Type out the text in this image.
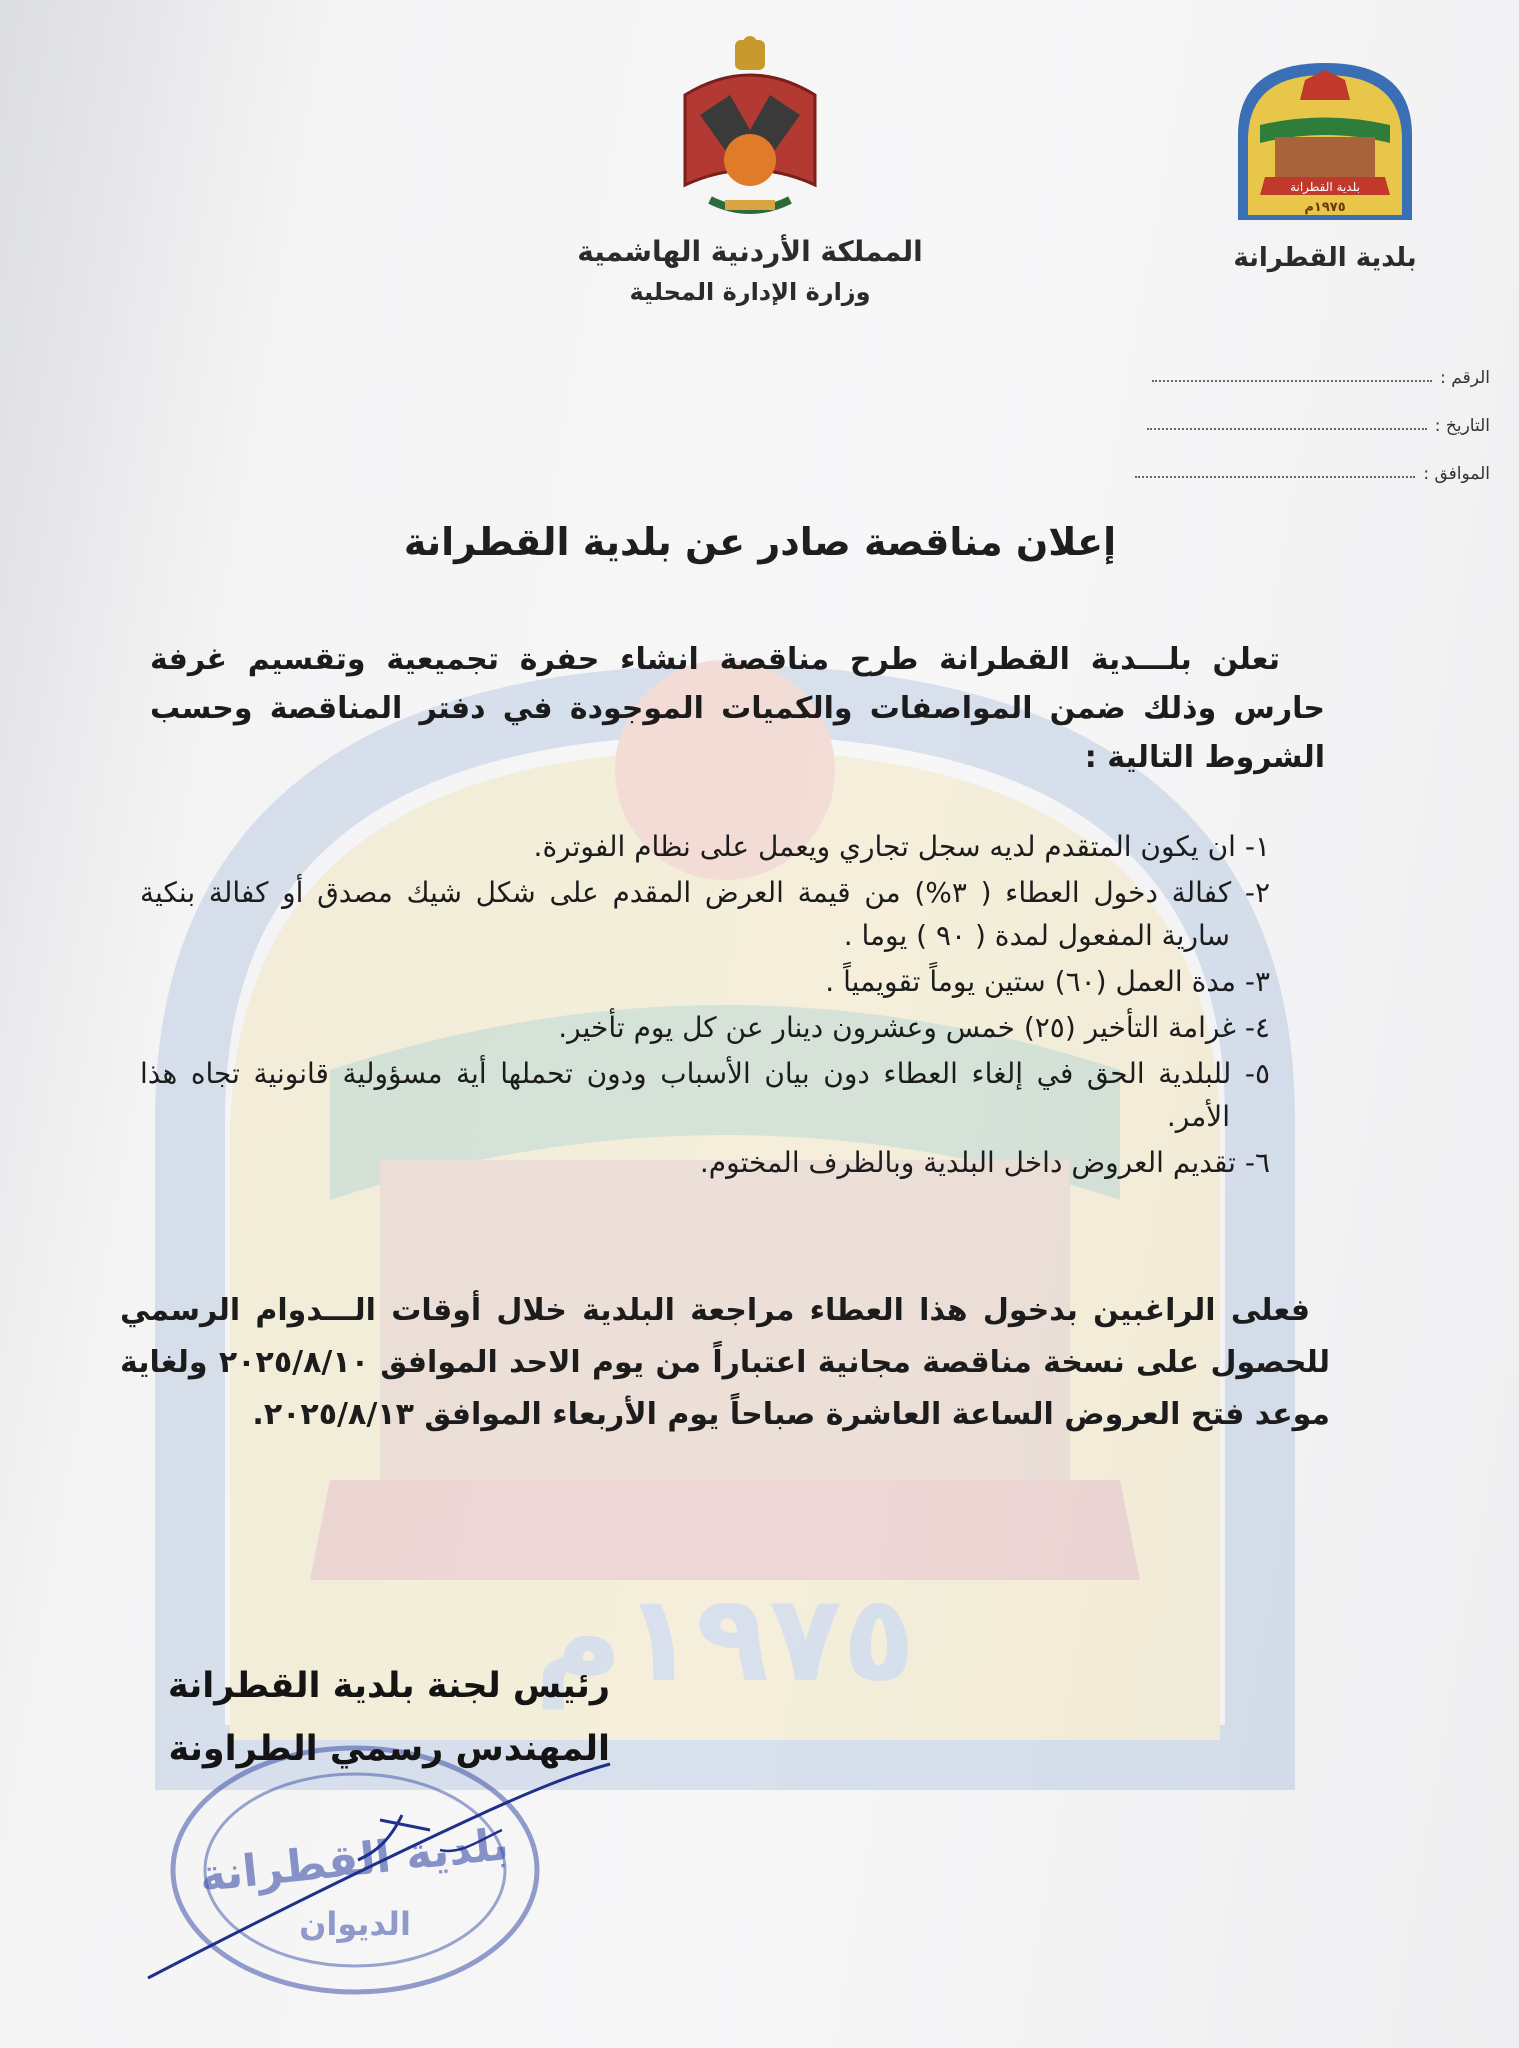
١٩٧٥م
المملكة الأردنية الهاشمية
وزارة الإدارة المحلية
بلدية القطرانة
١٩٧٥م
بلدية القطرانة
الرقم :
التاريخ :
الموافق :
إعلان مناقصة صادر عن بلدية القطرانة
تعلن بلـــدية القطرانة طرح مناقصة انشاء حفرة تجميعية وتقسيم غرفة حارس وذلك ضمن المواصفات والكميات الموجودة في دفتر المناقصة وحسب الشروط التالية :
١- ان يكون المتقدم لديه سجل تجاري ويعمل على نظام الفوترة.
٢- كفالة دخول العطاء ( ٣%) من قيمة العرض المقدم على شكل شيك مصدق أو كفالة بنكية سارية المفعول لمدة ( ٩٠ ) يوما .
٣- مدة العمل (٦٠) ستين يوماً تقويمياً .
٤- غرامة التأخير (٢٥) خمس وعشرون دينار عن كل يوم تأخير.
٥- للبلدية الحق في إلغاء العطاء دون بيان الأسباب ودون تحملها أية مسؤولية قانونية تجاه هذا الأمر.
٦- تقديم العروض داخل البلدية وبالظرف المختوم.
فعلى الراغبين بدخول هذا العطاء مراجعة البلدية خلال أوقات الـــدوام الرسمي للحصول على نسخة مناقصة مجانية اعتباراً من يوم الاحد الموافق ٢٠٢٥/٨/١٠ ولغاية موعد فتح العروض الساعة العاشرة صباحاً يوم الأربعاء الموافق ٢٠٢٥/٨/١٣.
بلدية القطرانة
الديوان
رئيس لجنة بلدية القطرانة
المهندس رسمي الطراونة
